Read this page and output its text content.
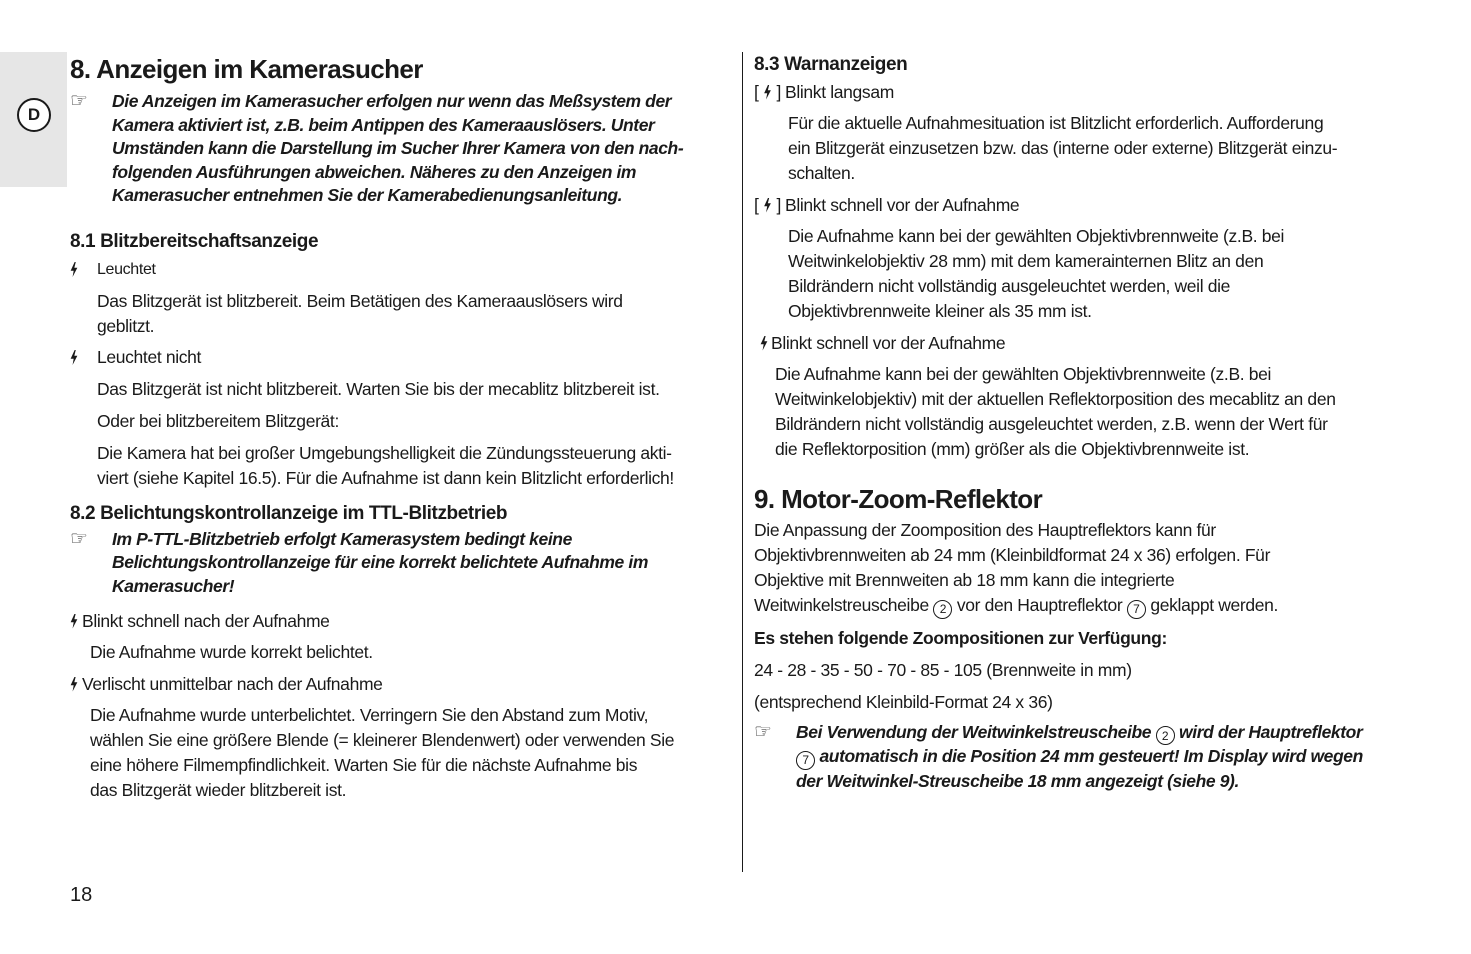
D
8. Anzeigen im Kamerasucher
☞	Die Anzeigen im Kamerasucher erfolgen nur wenn das Meßsystem der
Kamera aktiviert ist, z.B. beim Antippen des Kameraauslösers. Unter
Umständen kann die Darstellung im Sucher Ihrer Kamera von den nach-
folgenden Ausführungen abweichen. Näheres zu den Anzeigen im
Kamerasucher entnehmen Sie der Kamerabedienungsanleitung.
8.1 Blitzbereitschaftsanzeige
Leuchtet
Das Blitzgerät ist blitzbereit. Beim Betätigen des Kameraauslösers wird
geblitzt.
Leuchtet nicht
Das Blitzgerät ist nicht blitzbereit. Warten Sie bis der mecablitz blitzbereit ist.
Oder bei blitzbereitem Blitzgerät:
Die Kamera hat bei großer Umgebungshelligkeit die Zündungssteuerung akti-
viert (siehe Kapitel 16.5). Für die Aufnahme ist dann kein Blitzlicht erforderlich!
8.2 Belichtungskontrollanzeige im TTL-Blitzbetrieb
☞	Im P-TTL-Blitzbetrieb erfolgt Kamerasystem bedingt keine
Belichtungskontrollanzeige für eine korrekt belichtete Aufnahme im
Kamerasucher!
Blinkt schnell nach der Aufnahme
Die Aufnahme wurde korrekt belichtet.
Verlischt unmittelbar nach der Aufnahme
Die Aufnahme wurde unterbelichtet. Verringern Sie den Abstand zum Motiv,
wählen Sie eine größere Blende (= kleinerer Blendenwert) oder verwenden Sie
eine höhere Filmempfindlichkeit. Warten Sie für die nächste Aufnahme bis
das Blitzgerät wieder blitzbereit ist.
8.3 Warnanzeigen
[ ] Blinkt langsam
Für die aktuelle Aufnahmesituation ist Blitzlicht erforderlich. Aufforderung
ein Blitzgerät einzusetzen bzw. das (interne oder externe) Blitzgerät einzu-
schalten.
[ ] Blinkt schnell vor der Aufnahme
Die Aufnahme kann bei der gewählten Objektivbrennweite (z.B. bei
Weitwinkelobjektiv 28 mm) mit dem kamerainternen Blitz an den
Bildrändern nicht vollständig ausgeleuchtet werden, weil die
Objektivbrennweite kleiner als 35 mm ist.
Blinkt schnell vor der Aufnahme
Die Aufnahme kann bei der gewählten Objektivbrennweite (z.B. bei
Weitwinkelobjektiv) mit der aktuellen Reflektorposition des mecablitz an den
Bildrändern nicht vollständig ausgeleuchtet werden, z.B. wenn der Wert für
die Reflektorposition (mm) größer als die Objektivbrennweite ist.
9. Motor-Zoom-Reflektor
Die Anpassung der Zoomposition des Hauptreflektors kann für
Objektivbrennweiten ab 24 mm (Kleinbildformat 24 x 36) erfolgen. Für
Objektive mit Brennweiten ab 18 mm kann die integrierte
Weitwinkelstreuscheibe 2 vor den Hauptreflektor 7 geklappt werden.
Es stehen folgende Zoompositionen zur Verfügung:
24 - 28 - 35 - 50 - 70 - 85 - 105 (Brennweite in mm)
(entsprechend Kleinbild-Format 24 x 36)
☞	Bei Verwendung der Weitwinkelstreuscheibe 2 wird der Hauptreflektor
7 automatisch in die Position 24 mm gesteuert! Im Display wird wegen
der Weitwinkel-Streuscheibe 18 mm angezeigt (siehe 9).
18
